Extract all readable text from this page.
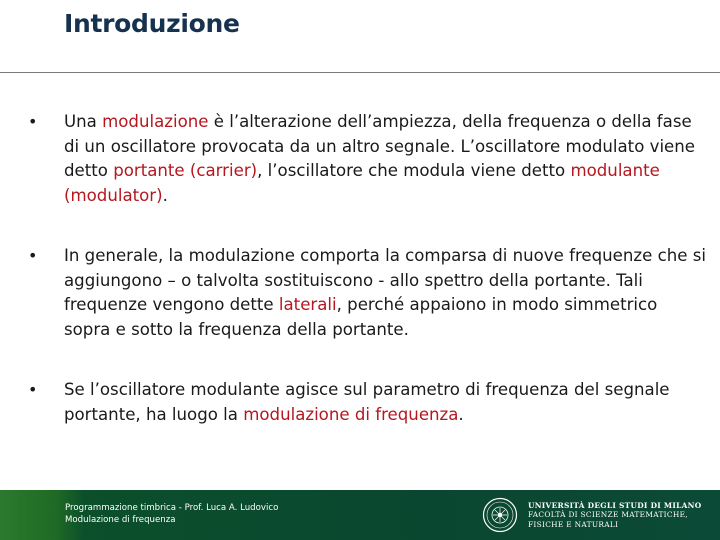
Introduzione
• Una modulazione è l’alterazione dell’ampiezza, della frequenza o della fase di un oscillatore provocata da un altro segnale. L’oscillatore modulato viene detto portante (carrier), l’oscillatore che modula viene detto modulante (modulator).
• In generale, la modulazione comporta la comparsa di nuove frequenze che si aggiungono – o talvolta sostituiscono - allo spettro della portante. Tali frequenze vengono dette laterali, perché appaiono in modo simmetrico sopra e sotto la frequenza della portante.
• Se l’oscillatore modulante agisce sul parametro di frequenza del segnale portante, ha luogo la modulazione di frequenza.
Programmazione timbrica - Prof. Luca A. Ludovico
Modulazione di frequenza
UNIVERSITÀ DEGLI STUDI DI MILANO
FACOLTÀ DI SCIENZE MATEMATICHE,
FISICHE E NATURALI
